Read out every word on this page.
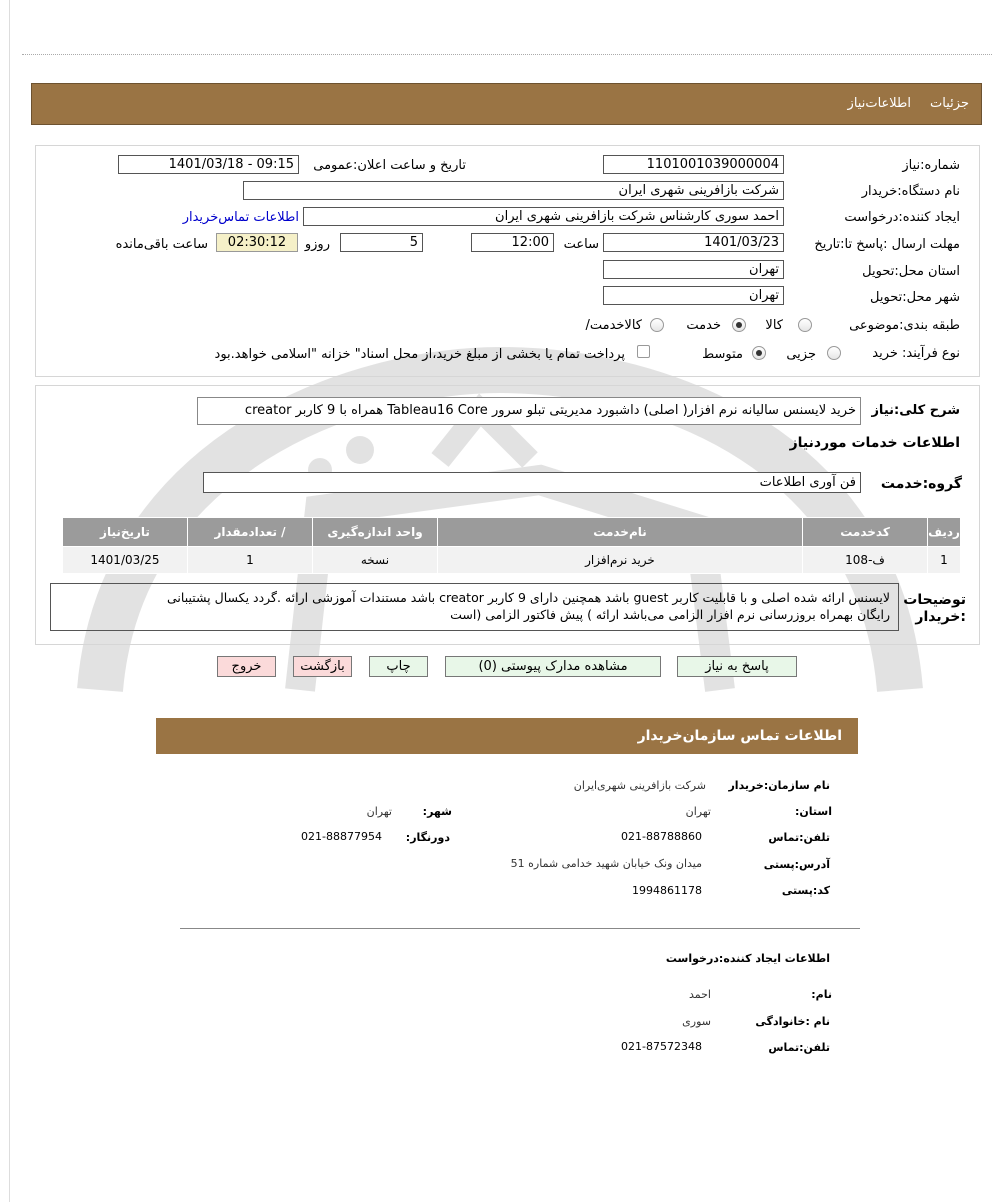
جزئیات
اطلاعات‌نیاز
شماره:نیاز
1101001039000004
تاریخ و ساعت اعلان:عمومی
1401/03/18 - 09:15
نام دستگاه:خریدار
شرکت بازافرینی شهری ایران
ایجاد کننده:درخواست
احمد سوری کارشناس شرکت بازافرینی شهری ایران
اطلاعات تماس‌خریدار
مهلت ارسال :پاسخ تا:تاریخ
1401/03/23
ساعت
12:00
5
روزو
02:30:12
ساعت باقی‌مانده
استان محل:تحویل
تهران
شهر محل:تحویل
تهران
طبقه بندی:موضوعی
کالا
خدمت
/کالاخدمت
نوع فرآیند: خرید
جزیی
متوسط
پرداخت تمام یا بخشی از مبلغ خرید،از محل اسناد" خزانه "اسلامی خواهد.بود
شرح کلی:نیاز
خرید لایسنس سالیانه نرم افزار( اصلی) داشبورد مدیریتی تبلو سرور Tableau16 Core همراه با 9 کاربر creator
اطلاعات خدمات موردنیاز
گروه:خدمت
فن آوری اطلاعات
ردیف	کدخدمت	نام‌خدمت	واحد اندازه‌گیری	/ تعدادمقدار	تاریخ‌نیاز
1	ف-108	خرید نرم‌افزار	نسخه	1	1401/03/25
توضیحات :خریدار
لایسنس ارائه شده اصلی و با قابلیت کاربر guest باشد همچنین دارای 9 کاربر creator باشد مستندات آموزشی ارائه .گردد یکسال پشتیبانی
رایگان بهمراه بروزرسانی نرم افزار الزامی می‌باشد ارائه ) پیش فاکتور الزامی (است
پاسخ به نیاز
مشاهده مدارک پیوستی (0)
چاپ
بازگشت
خروج
اطلاعات تماس سازمان‌خریدار
نام سازمان:خریدار
شرکت بازافرینی شهری‌ایران
:استان
تهران
:شهر
تهران
تلفن:تماس
021-88788860
:دورنگار
021-88877954
آدرس:پستی
میدان ونک خیابان شهید خدامی شماره 51
کد:پستی
1994861178
اطلاعات ایجاد کننده:درخواست
:نام
احمد
نام :خانوادگی
سوری
تلفن:تماس
021-87572348
